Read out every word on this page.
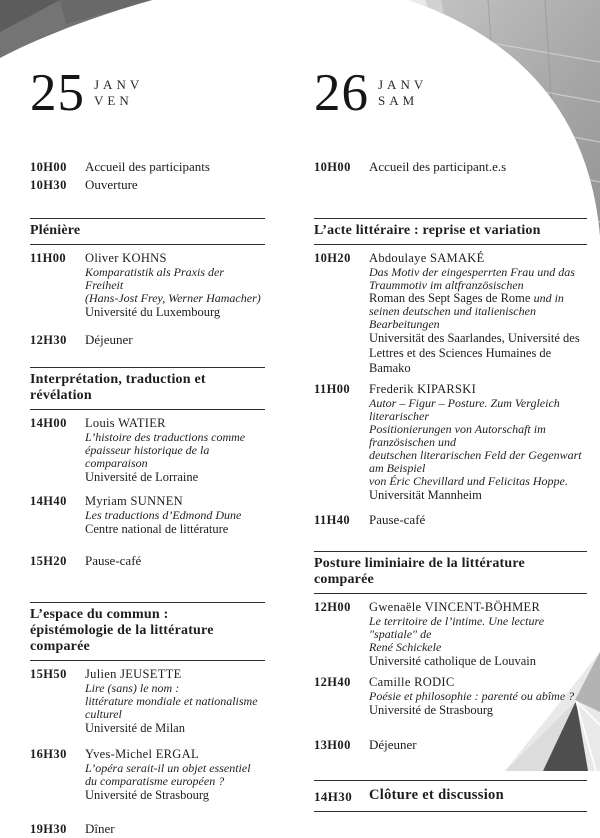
25 JANV
VEN
10H00	Accueil des participants
10H30	Ouverture
Plénière
11H00	Oliver KOHNS
Komparatistik als Praxis der Freiheit
(Hans-Jost Frey, Werner Hamacher)
Université du Luxembourg
12H30	Déjeuner
Interprétation, traduction et révélation
14H00	Louis WATIER
L’histoire des traductions comme
épaisseur historique de la comparaison
Université de Lorraine
14H40	Myriam SUNNEN
Les traductions d’Edmond Dune
Centre national de littérature
15H20	Pause-café
L’espace du commun :
épistémologie de la littérature comparée
15H50	Julien JEUSETTE
Lire (sans) le nom :
littérature mondiale et nationalisme culturel
Université de Milan
16H30	Yves-Michel ERGAL
L’opéra serait-il un objet essentiel
du comparatisme européen ?
Université de Strasbourg
19H30	Dîner
26 JANV
SAM
10H00	Accueil des participant.e.s
L’acte littéraire : reprise et variation
10H20	Abdoulaye SAMAKÉ
Das Motiv der eingesperrten Frau und das
Traummotiv im altfranzösischen
Roman des Sept Sages de Rome und in
seinen deutschen und italienischen Bearbeitungen
Universität des Saarlandes, Université des
Lettres et des Sciences Humaines de Bamako
11H00	Frederik KIPARSKI
Autor – Figur – Posture. Zum Vergleich literarischer
Positionierungen von Autorschaft im französischen und
deutschen literarischen Feld der Gegenwart am Beispiel
von Éric Chevillard und Felicitas Hoppe.
Universität Mannheim
11H40	Pause-café
Posture liminiaire de la littérature comparée
12H00	Gwenaële VINCENT-BÖHMER
Le territoire de l’intime. Une lecture "spatiale" de
René Schickele
Université catholique de Louvain
12H40	Camille RODIC
Poésie et philosophie : parenté ou abîme ?
Université de Strasbourg
13H00	Déjeuner
14H30	Clôture et discussion
